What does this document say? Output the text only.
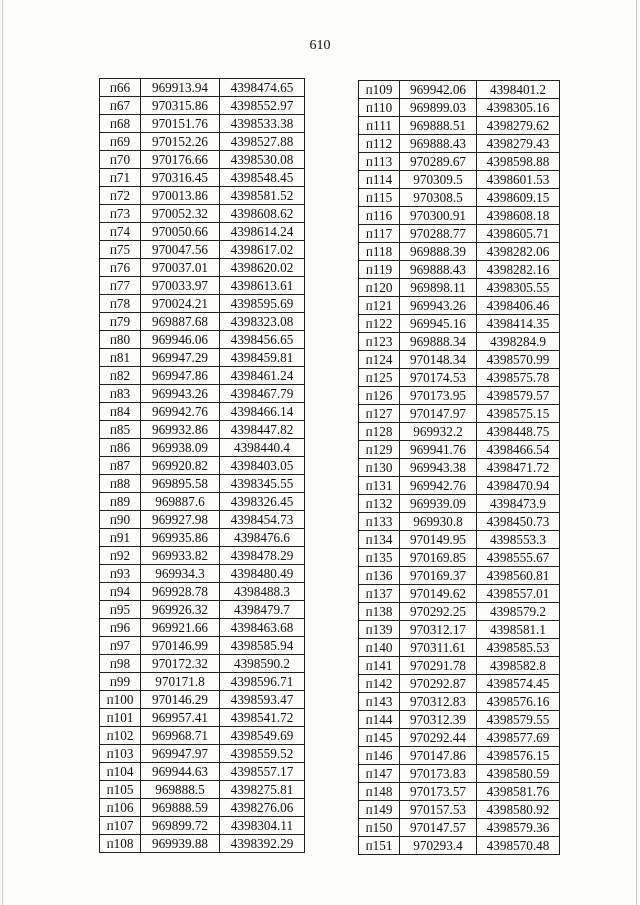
610
п66	969913.94	4398474.65
п67	970315.86	4398552.97
п68	970151.76	4398533.38
п69	970152.26	4398527.88
п70	970176.66	4398530.08
п71	970316.45	4398548.45
п72	970013.86	4398581.52
п73	970052.32	4398608.62
п74	970050.66	4398614.24
п75	970047.56	4398617.02
п76	970037.01	4398620.02
п77	970033.97	4398613.61
п78	970024.21	4398595.69
п79	969887.68	4398323.08
п80	969946.06	4398456.65
п81	969947.29	4398459.81
п82	969947.86	4398461.24
п83	969943.26	4398467.79
п84	969942.76	4398466.14
п85	969932.86	4398447.82
п86	969938.09	4398440.4
п87	969920.82	4398403.05
п88	969895.58	4398345.55
п89	969887.6	4398326.45
п90	969927.98	4398454.73
п91	969935.86	4398476.6
п92	969933.82	4398478.29
п93	969934.3	4398480.49
п94	969928.78	4398488.3
п95	969926.32	4398479.7
п96	969921.66	4398463.68
п97	970146.99	4398585.94
п98	970172.32	4398590.2
п99	970171.8	4398596.71
п100	970146.29	4398593.47
п101	969957.41	4398541.72
п102	969968.71	4398549.69
п103	969947.97	4398559.52
п104	969944.63	4398557.17
п105	969888.5	4398275.81
п106	969888.59	4398276.06
п107	969899.72	4398304.11
п108	969939.88	4398392.29
п109	969942.06	4398401.2
п110	969899.03	4398305.16
п111	969888.51	4398279.62
п112	969888.43	4398279.43
п113	970289.67	4398598.88
п114	970309.5	4398601.53
п115	970308.5	4398609.15
п116	970300.91	4398608.18
п117	970288.77	4398605.71
п118	969888.39	4398282.06
п119	969888.43	4398282.16
п120	969898.11	4398305.55
п121	969943.26	4398406.46
п122	969945.16	4398414.35
п123	969888.34	4398284.9
п124	970148.34	4398570.99
п125	970174.53	4398575.78
п126	970173.95	4398579.57
п127	970147.97	4398575.15
п128	969932.2	4398448.75
п129	969941.76	4398466.54
п130	969943.38	4398471.72
п131	969942.76	4398470.94
п132	969939.09	4398473.9
п133	969930.8	4398450.73
п134	970149.95	4398553.3
п135	970169.85	4398555.67
п136	970169.37	4398560.81
п137	970149.62	4398557.01
п138	970292.25	4398579.2
п139	970312.17	4398581.1
п140	970311.61	4398585.53
п141	970291.78	4398582.8
п142	970292.87	4398574.45
п143	970312.83	4398576.16
п144	970312.39	4398579.55
п145	970292.44	4398577.69
п146	970147.86	4398576.15
п147	970173.83	4398580.59
п148	970173.57	4398581.76
п149	970157.53	4398580.92
п150	970147.57	4398579.36
п151	970293.4	4398570.48
